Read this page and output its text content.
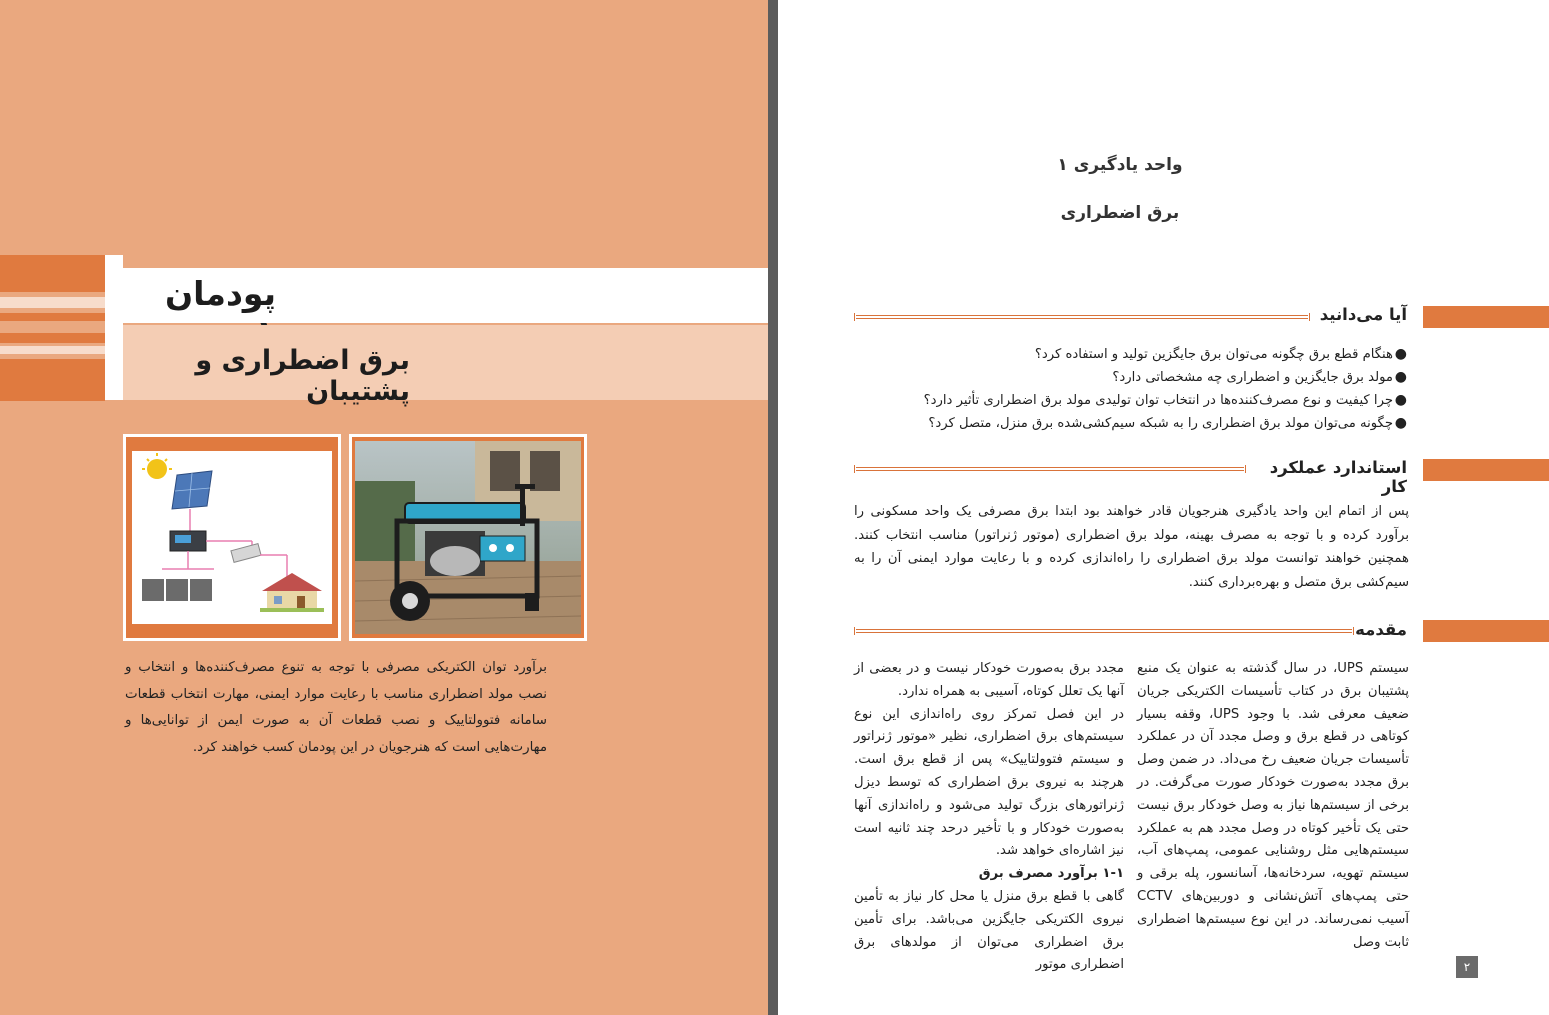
پودمان
برق اضطراری و پشتیبان
برآورد توان الکتریکی مصرفی با توجه به تنوع مصرف‌کننده‌ها و انتخاب و نصب مولد اضطراری مناسب با رعایت موارد ایمنی، مهارت انتخاب قطعات سامانه فتوولتاییک و نصب قطعات آن به صورت ایمن از توانایی‌ها و مهارت‌هایی است که هنرجویان در این پودمان کسب خواهند کرد.
واحد یادگیری ۱
برق اضطراری
آیا می‌دانید
●
هنگام قطع برق چگونه می‌توان برق جایگزین تولید و استفاده کرد؟
●
مولد برق جایگزین و اضطراری چه مشخصاتی دارد؟
●
چرا کیفیت و نوع مصرف‌کننده‌ها در انتخاب توان تولیدی مولد برق اضطراری تأثیر دارد؟
●
چگونه می‌توان مولد برق اضطراری را به شبکه سیم‌کشی‌شده برق منزل، متصل کرد؟
استاندارد عملکرد کار
پس از اتمام این واحد یادگیری هنرجویان قادر خواهند بود ابتدا برق مصرفی یک واحد مسکونی را برآورد کرده و با توجه به مصرف بهینه، مولد برق اضطراری (موتور ژنراتور) مناسب انتخاب کنند. همچنین خواهند توانست مولد برق اضطراری را راه‌اندازی کرده و با رعایت موارد ایمنی آن را به سیم‌کشی برق متصل و بهره‌برداری کنند.
مقدمه

سیستم UPS، در سال گذشته به عنوان یک منبع پشتیبان برق در کتاب تأسیسات الکتریکی جریان ضعیف معرفی شد. با وجود UPS، وقفه بسیار کوتاهی در قطع برق و وصل مجدد آن در عملکرد تأسیسات جریان ضعیف رخ می‌داد. در ضمن وصل برق مجدد به‌صورت خودکار صورت می‌گرفت. در برخی از سیستم‌ها نیاز به وصل خودکار برق نیست حتی یک تأخیر کوتاه در وصل مجدد هم به عملکرد سیستم‌هایی مثل روشنایی عمومی، پمپ‌های آب، سیستم تهویه، سردخانه‌ها، آسانسور، پله برقی و حتی پمپ‌های آتش‌نشانی و دوربین‌های CCTV آسیب نمی‌رساند. در این نوع سیستم‌ها اضطراری ثابت وصل

مجدد برق به‌صورت خودکار نیست و در بعضی از آنها یک تعلل کوتاه، آسیبی به همراه ندارد.

در این فصل تمرکز روی راه‌اندازی این نوع سیستم‌های برق اضطراری، نظیر «موتور ژنراتور و سیستم فتوولتاییک» پس از قطع برق است. هرچند به نیروی برق اضطراری که توسط دیزل ژنراتورهای بزرگ تولید می‌شود و راه‌اندازی آنها به‌صورت خودکار و با تأخیر درحد چند ثانیه است نیز اشاره‌ای خواهد شد.

۱-۱ برآورد مصرف برق

گاهی با قطع برق منزل یا محل کار نیاز به تأمین نیروی الکتریکی جایگزین می‌باشد. برای تأمین برق اضطراری می‌توان از مولدهای برق اضطراری موتور	۲
